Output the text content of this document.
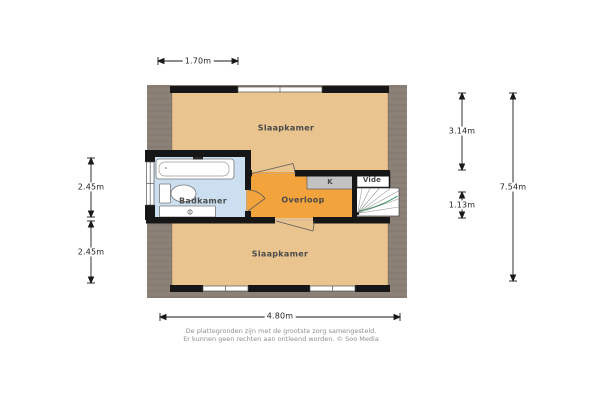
Slaapkamer
Badkamer	Overloop
K	Vide
Slaapkamer
1.70m
2.45m
2.45m
3.14m
1.13m
7.54m
4.80m
De plattegronden zijn met de grootste zorg samengesteld.
Er kunnen geen rechten aan ontleend worden. © Soo Media
